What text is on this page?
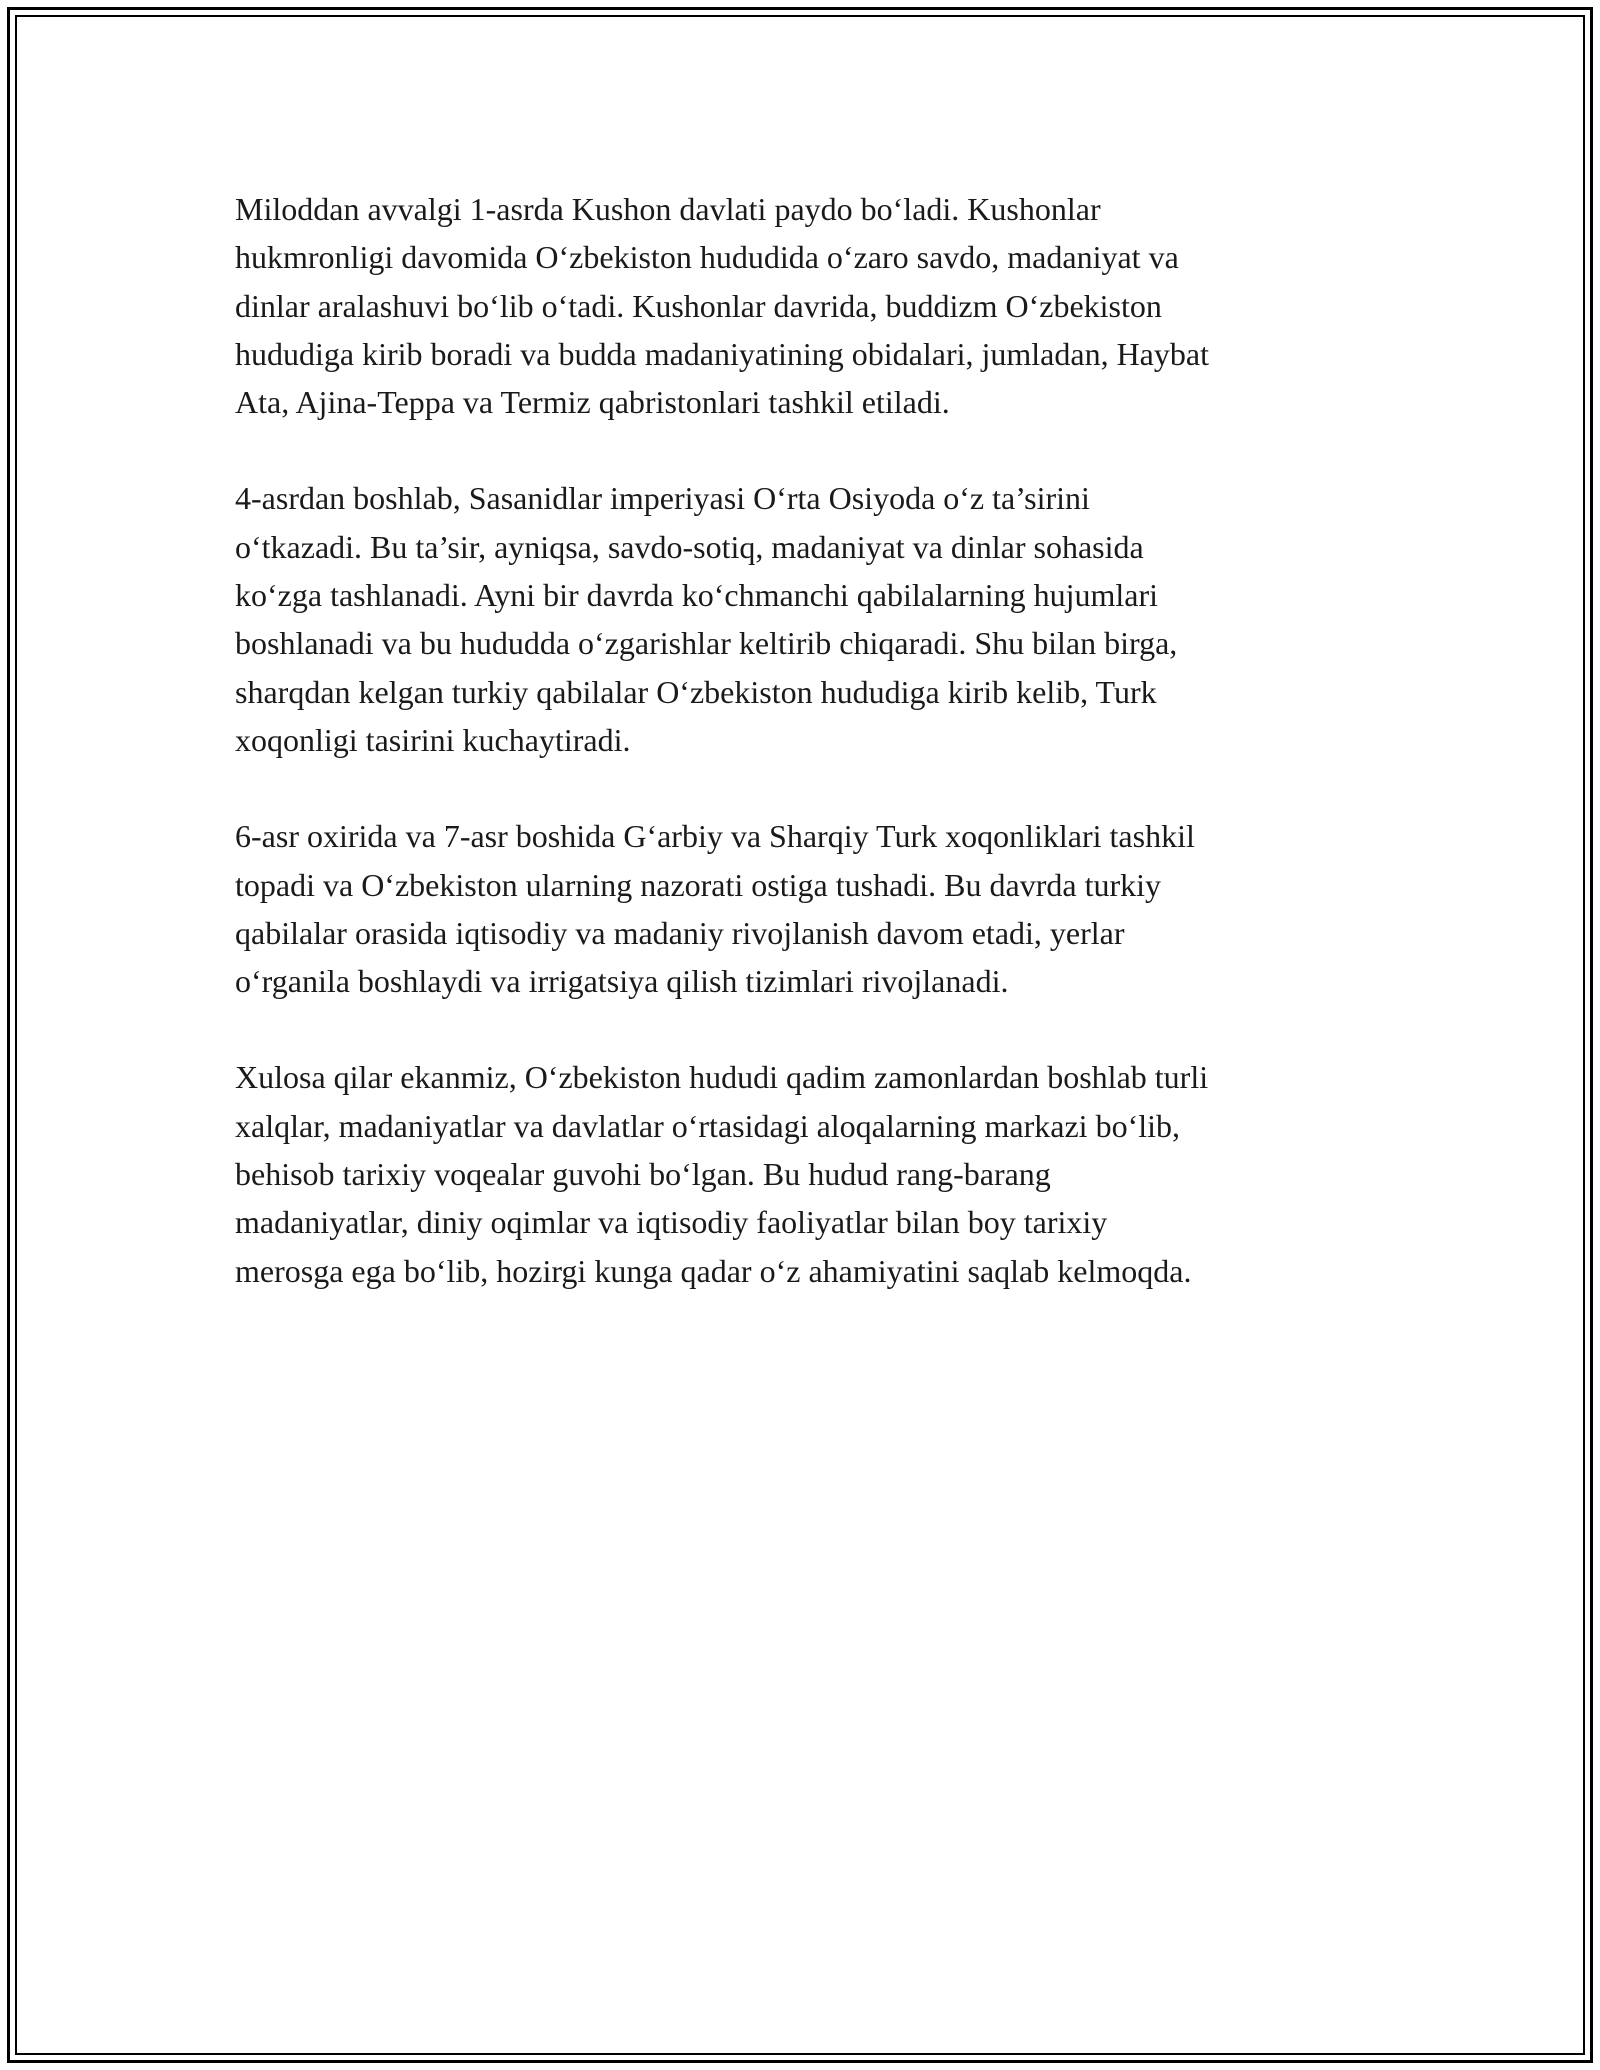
Miloddan avvalgi 1-asrda Kushon davlati paydo bo‘ladi. Kushonlar
hukmronligi davomida O‘zbekiston hududida o‘zaro savdo, madaniyat va
dinlar aralashuvi bo‘lib o‘tadi. Kushonlar davrida, buddizm O‘zbekiston
hududiga kirib boradi va budda madaniyatining obidalari, jumladan, Haybat
Ata, Ajina-Teppa va Termiz qabristonlari tashkil etiladi.

4-asrdan boshlab, Sasanidlar imperiyasi O‘rta Osiyoda o‘z ta’sirini
o‘tkazadi. Bu ta’sir, ayniqsa, savdo-sotiq, madaniyat va dinlar sohasida
ko‘zga tashlanadi. Ayni bir davrda ko‘chmanchi qabilalarning hujumlari
boshlanadi va bu hududda o‘zgarishlar keltirib chiqaradi. Shu bilan birga,
sharqdan kelgan turkiy qabilalar O‘zbekiston hududiga kirib kelib, Turk
xoqonligi tasirini kuchaytiradi.

6-asr oxirida va 7-asr boshida G‘arbiy va Sharqiy Turk xoqonliklari tashkil
topadi va O‘zbekiston ularning nazorati ostiga tushadi. Bu davrda turkiy
qabilalar orasida iqtisodiy va madaniy rivojlanish davom etadi, yerlar
o‘rganila boshlaydi va irrigatsiya qilish tizimlari rivojlanadi.

Xulosa qilar ekanmiz, O‘zbekiston hududi qadim zamonlardan boshlab turli
xalqlar, madaniyatlar va davlatlar o‘rtasidagi aloqalarning markazi bo‘lib,
behisob tarixiy voqealar guvohi bo‘lgan. Bu hudud rang-barang
madaniyatlar, diniy oqimlar va iqtisodiy faoliyatlar bilan boy tarixiy
merosga ega bo‘lib, hozirgi kunga qadar o‘z ahamiyatini saqlab kelmoqda.
